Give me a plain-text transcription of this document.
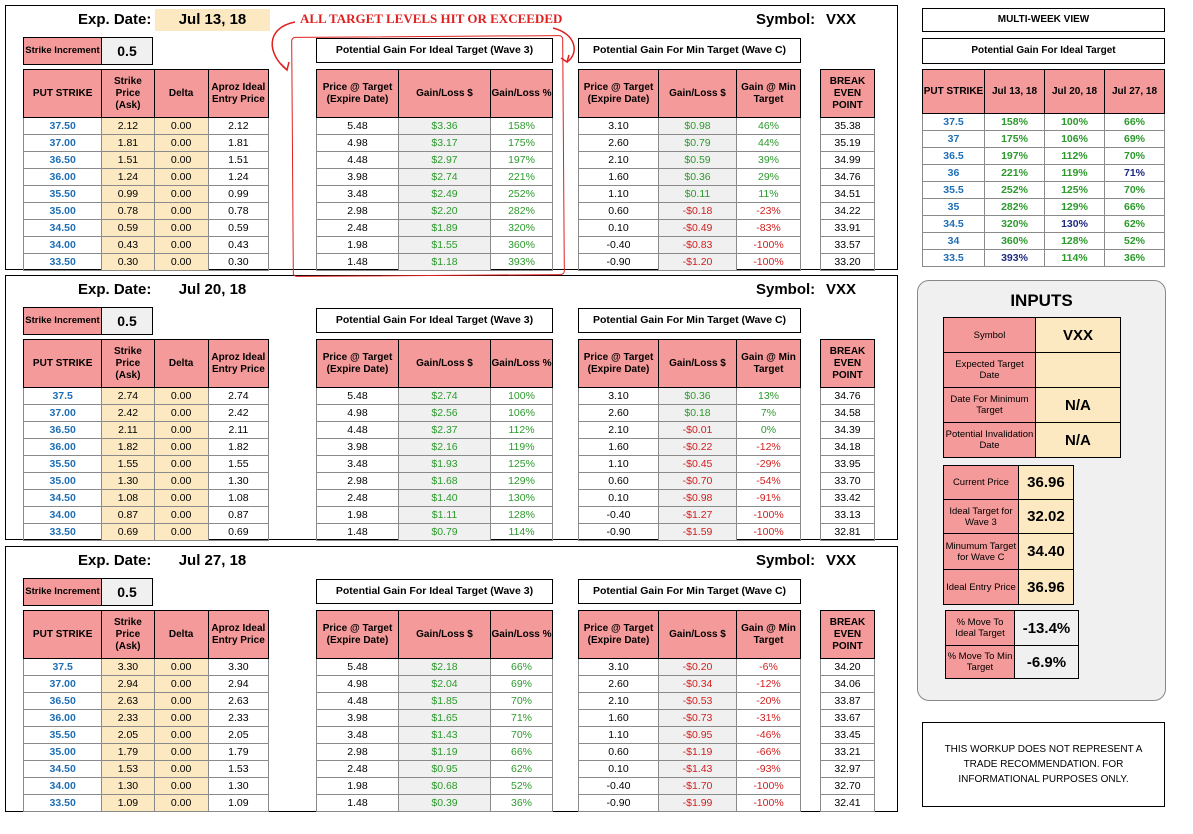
Exp. Date:	Jul 13, 18	Symbol: VXX
Strike Increment	0.5	Potential Gain For Ideal Target (Wave 3)	Potential Gain For Min Target (Wave C)
PUT STRIKE	Strike Price (Ask)	Delta	Aproz Ideal Entry Price
37.50	2.12	0.00	2.12
37.00	1.81	0.00	1.81
36.50	1.51	0.00	1.51
36.00	1.24	0.00	1.24
35.50	0.99	0.00	0.99
35.00	0.78	0.00	0.78
34.50	0.59	0.00	0.59
34.00	0.43	0.00	0.43
33.50	0.30	0.00	0.30
Price @ Target (Expire Date)	Gain/Loss $	Gain/Loss %
5.48	$3.36	158%
4.98	$3.17	175%
4.48	$2.97	197%
3.98	$2.74	221%
3.48	$2.49	252%
2.98	$2.20	282%
2.48	$1.89	320%
1.98	$1.55	360%
1.48	$1.18	393%
Price @ Target (Expire Date)	Gain/Loss $	Gain @ Min Target
3.10	$0.98	46%
2.60	$0.79	44%
2.10	$0.59	39%
1.60	$0.36	29%
1.10	$0.11	11%
0.60	-$0.18	-23%
0.10	-$0.49	-83%
-0.40	-$0.83	-100%
-0.90	-$1.20	-100%
BREAK EVEN POINT
35.38
35.19
34.99
34.76
34.51
34.22
33.91
33.57
33.20
Exp. Date:	Jul 20, 18	Symbol: VXX
Strike Increment	0.5	Potential Gain For Ideal Target (Wave 3)	Potential Gain For Min Target (Wave C)
PUT STRIKE	Strike Price (Ask)	Delta	Aproz Ideal Entry Price
37.5	2.74	0.00	2.74
37.00	2.42	0.00	2.42
36.50	2.11	0.00	2.11
36.00	1.82	0.00	1.82
35.50	1.55	0.00	1.55
35.00	1.30	0.00	1.30
34.50	1.08	0.00	1.08
34.00	0.87	0.00	0.87
33.50	0.69	0.00	0.69
Price @ Target (Expire Date)	Gain/Loss $	Gain/Loss %
5.48	$2.74	100%
4.98	$2.56	106%
4.48	$2.37	112%
3.98	$2.16	119%
3.48	$1.93	125%
2.98	$1.68	129%
2.48	$1.40	130%
1.98	$1.11	128%
1.48	$0.79	114%
Price @ Target (Expire Date)	Gain/Loss $	Gain @ Min Target
3.10	$0.36	13%
2.60	$0.18	7%
2.10	-$0.01	0%
1.60	-$0.22	-12%
1.10	-$0.45	-29%
0.60	-$0.70	-54%
0.10	-$0.98	-91%
-0.40	-$1.27	-100%
-0.90	-$1.59	-100%
BREAK EVEN POINT
34.76
34.58
34.39
34.18
33.95
33.70
33.42
33.13
32.81
Exp. Date:	Jul 27, 18	Symbol: VXX
Strike Increment	0.5	Potential Gain For Ideal Target (Wave 3)	Potential Gain For Min Target (Wave C)
PUT STRIKE	Strike Price (Ask)	Delta	Aproz Ideal Entry Price
37.5	3.30	0.00	3.30
37.00	2.94	0.00	2.94
36.50	2.63	0.00	2.63
36.00	2.33	0.00	2.33
35.50	2.05	0.00	2.05
35.00	1.79	0.00	1.79
34.50	1.53	0.00	1.53
34.00	1.30	0.00	1.30
33.50	1.09	0.00	1.09
Price @ Target (Expire Date)	Gain/Loss $	Gain/Loss %
5.48	$2.18	66%
4.98	$2.04	69%
4.48	$1.85	70%
3.98	$1.65	71%
3.48	$1.43	70%
2.98	$1.19	66%
2.48	$0.95	62%
1.98	$0.68	52%
1.48	$0.39	36%
Price @ Target (Expire Date)	Gain/Loss $	Gain @ Min Target
3.10	-$0.20	-6%
2.60	-$0.34	-12%
2.10	-$0.53	-20%
1.60	-$0.73	-31%
1.10	-$0.95	-46%
0.60	-$1.19	-66%
0.10	-$1.43	-93%
-0.40	-$1.70	-100%
-0.90	-$1.99	-100%
BREAK EVEN POINT
34.20
34.06
33.87
33.67
33.45
33.21
32.97
32.70
32.41
ALL TARGET LEVELS HIT OR EXCEEDED	MULTI-WEEK VIEW
Potential Gain For Ideal Target
PUT STRIKE	Jul 13, 18	Jul 20, 18	Jul 27, 18
37.5	158%	100%	66%
37	175%	106%	69%
36.5	197%	112%	70%
36	221%	119%	71%
35.5	252%	125%	70%
35	282%	129%	66%
34.5	320%	130%	62%
34	360%	128%	52%
33.5	393%	114%	36%
INPUTS
Symbol	VXX
Expected Target Date
Date For Minimum Target	N/A
Potential Invalidation Date	N/A
Current Price	36.96
Ideal Target for Wave 3	32.02
Minumum Target for Wave C	34.40
Ideal Entry Price 36.96
% Move To Ideal Target	-13.4%
% Move To Min Target	-6.9%
THIS WORKUP DOES NOT REPRESENT A TRADE RECOMMENDATION. FOR INFORMATIONAL PURPOSES ONLY.
